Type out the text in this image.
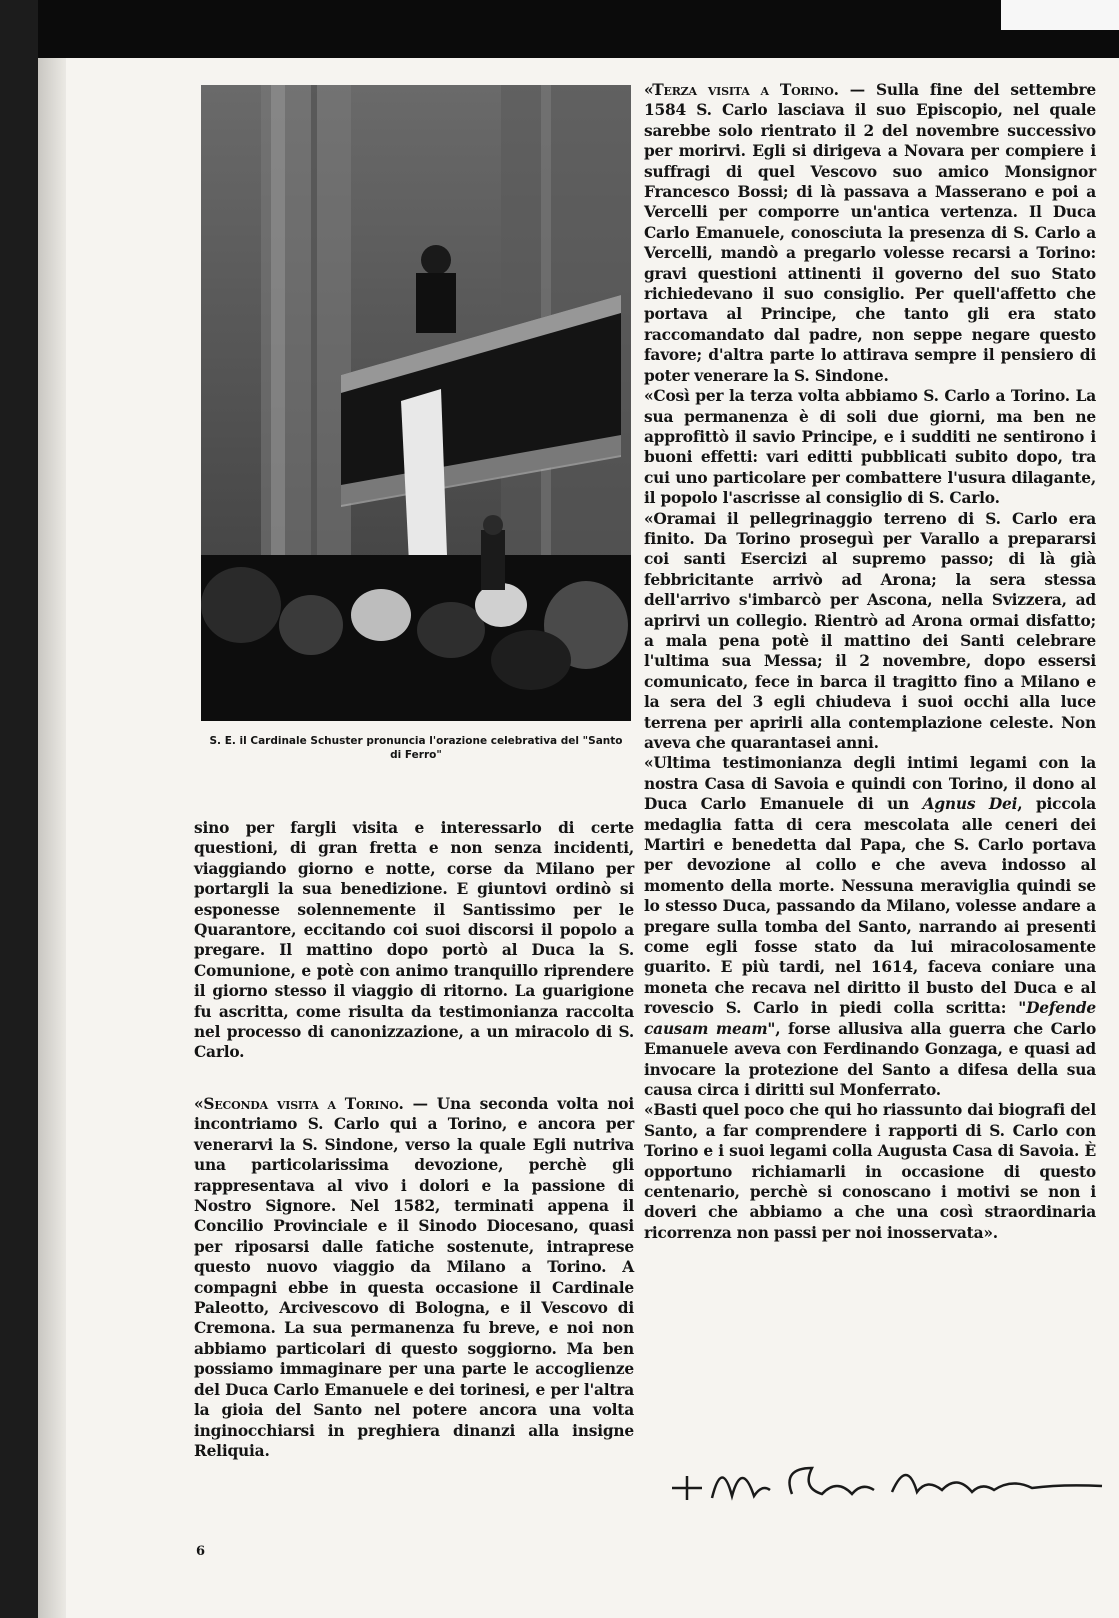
S. E. il Cardinale Schuster pronuncia l'orazione celebrativa del "Santo di Ferro"

sino per fargli visita e interessarlo di certe questioni, di gran fretta e non senza incidenti, viaggiando giorno e notte, corse da Milano per portargli la sua benedizione. E giuntovi ordinò si esponesse solennemente il Santissimo per le Quarantore, eccitando coi suoi discorsi il popolo a pregare. Il mattino dopo portò al Duca la S. Comunione, e potè con animo tranquillo riprendere il giorno stesso il viaggio di ritorno. La guarigione fu ascritta, come risulta da testimonianza raccolta nel processo di canonizzazione, a un miracolo di S. Carlo.

«Seconda visita a Torino. — Una seconda volta noi incontriamo S. Carlo qui a Torino, e ancora per venerarvi la S. Sindone, verso la quale Egli nutriva una particolarissima devozione, perchè gli rappresentava al vivo i dolori e la passione di Nostro Signore. Nel 1582, terminati appena il Concilio Provinciale e il Sinodo Diocesano, quasi per riposarsi dalle fatiche sostenute, intraprese questo nuovo viaggio da Milano a Torino. A compagni ebbe in questa occasione il Cardinale Paleotto, Arcivescovo di Bologna, e il Vescovo di Cremona. La sua permanenza fu breve, e noi non abbiamo particolari di questo soggiorno. Ma ben possiamo immaginare per una parte le accoglienze del Duca Carlo Emanuele e dei torinesi, e per l'altra la gioia del Santo nel potere ancora una volta inginocchiarsi in preghiera dinanzi alla insigne Reliquia.

«Terza visita a Torino. — Sulla fine del settembre 1584 S. Carlo lasciava il suo Episcopio, nel quale sarebbe solo rientrato il 2 del novembre successivo per morirvi. Egli si dirigeva a Novara per compiere i suffragi di quel Vescovo suo amico Monsignor Francesco Bossi; di là passava a Masserano e poi a Vercelli per comporre un'antica vertenza. Il Duca Carlo Emanuele, conosciuta la presenza di S. Carlo a Vercelli, mandò a pregarlo volesse recarsi a Torino: gravi questioni attinenti il governo del suo Stato richiedevano il suo consiglio. Per quell'affetto che portava al Principe, che tanto gli era stato raccomandato dal padre, non seppe negare questo favore; d'altra parte lo attirava sempre il pensiero di poter venerare la S. Sindone.

«Così per la terza volta abbiamo S. Carlo a Torino. La sua permanenza è di soli due giorni, ma ben ne approfittò il savio Principe, e i sudditi ne sentirono i buoni effetti: vari editti pubblicati subito dopo, tra cui uno particolare per combattere l'usura dilagante, il popolo l'ascrisse al consiglio di S. Carlo.

«Oramai il pellegrinaggio terreno di S. Carlo era finito. Da Torino proseguì per Varallo a prepararsi coi santi Esercizi al supremo passo; di là già febbricitante arrivò ad Arona; la sera stessa dell'arrivo s'imbarcò per Ascona, nella Svizzera, ad aprirvi un collegio. Rientrò ad Arona ormai disfatto; a mala pena potè il mattino dei Santi celebrare l'ultima sua Messa; il 2 novembre, dopo essersi comunicato, fece in barca il tragitto fino a Milano e la sera del 3 egli chiudeva i suoi occhi alla luce terrena per aprirli alla contemplazione celeste. Non aveva che quarantasei anni.

«Ultima testimonianza degli intimi legami con la nostra Casa di Savoia e quindi con Torino, il dono al Duca Carlo Emanuele di un Agnus Dei, piccola medaglia fatta di cera mescolata alle ceneri dei Martiri e benedetta dal Papa, che S. Carlo portava per devozione al collo e che aveva indosso al momento della morte. Nessuna meraviglia quindi se lo stesso Duca, passando da Milano, volesse andare a pregare sulla tomba del Santo, narrando ai presenti come egli fosse stato da lui miracolosamente guarito. E più tardi, nel 1614, faceva coniare una moneta che recava nel diritto il busto del Duca e al rovescio S. Carlo in piedi colla scritta: "Defende causam meam", forse allusiva alla guerra che Carlo Emanuele aveva con Ferdinando Gonzaga, e quasi ad invocare la protezione del Santo a difesa della sua causa circa i diritti sul Monferrato.

«Basti quel poco che qui ho riassunto dai biografi del Santo, a far comprendere i rapporti di S. Carlo con Torino e i suoi legami colla Augusta Casa di Savoia. È opportuno richiamarli in occasione di questo centenario, perchè si conoscano i motivi se non i doveri che abbiamo a che una così straordinaria ricorrenza non passi per noi inosservata».

6
